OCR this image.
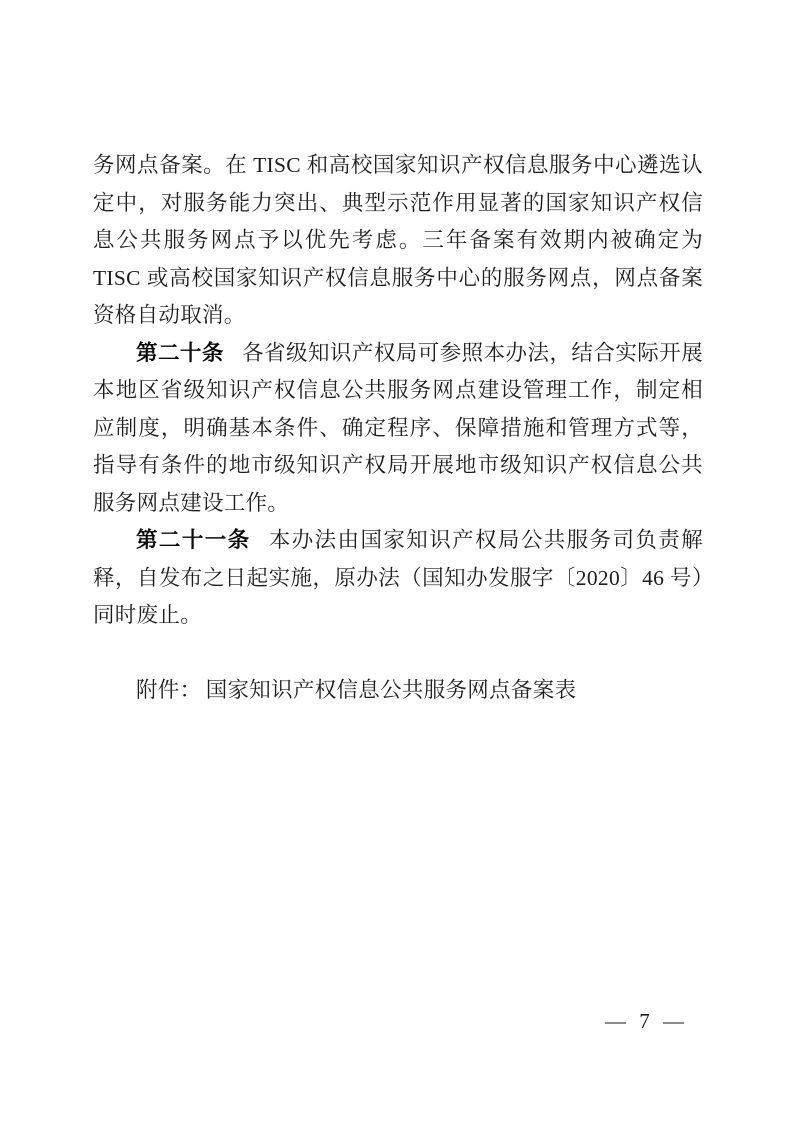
务网点备案。在 TISC 和高校国家知识产权信息服务中心遴选认定中，对服务能力突出、典型示范作用显著的国家知识产权信息公共服务网点予以优先考虑。三年备案有效期内被确定为 TISC 或高校国家知识产权信息服务中心的服务网点，网点备案资格自动取消。

第二十条 各省级知识产权局可参照本办法，结合实际开展本地区省级知识产权信息公共服务网点建设管理工作，制定相应制度，明确基本条件、确定程序、保障措施和管理方式等，指导有条件的地市级知识产权局开展地市级知识产权信息公共服务网点建设工作。

第二十一条 本办法由国家知识产权局公共服务司负责解释，自发布之日起实施，原办法（国知办发服字〔2020〕46 号）同时废止。

附件： 国家知识产权信息公共服务网点备案表

— 7 —
